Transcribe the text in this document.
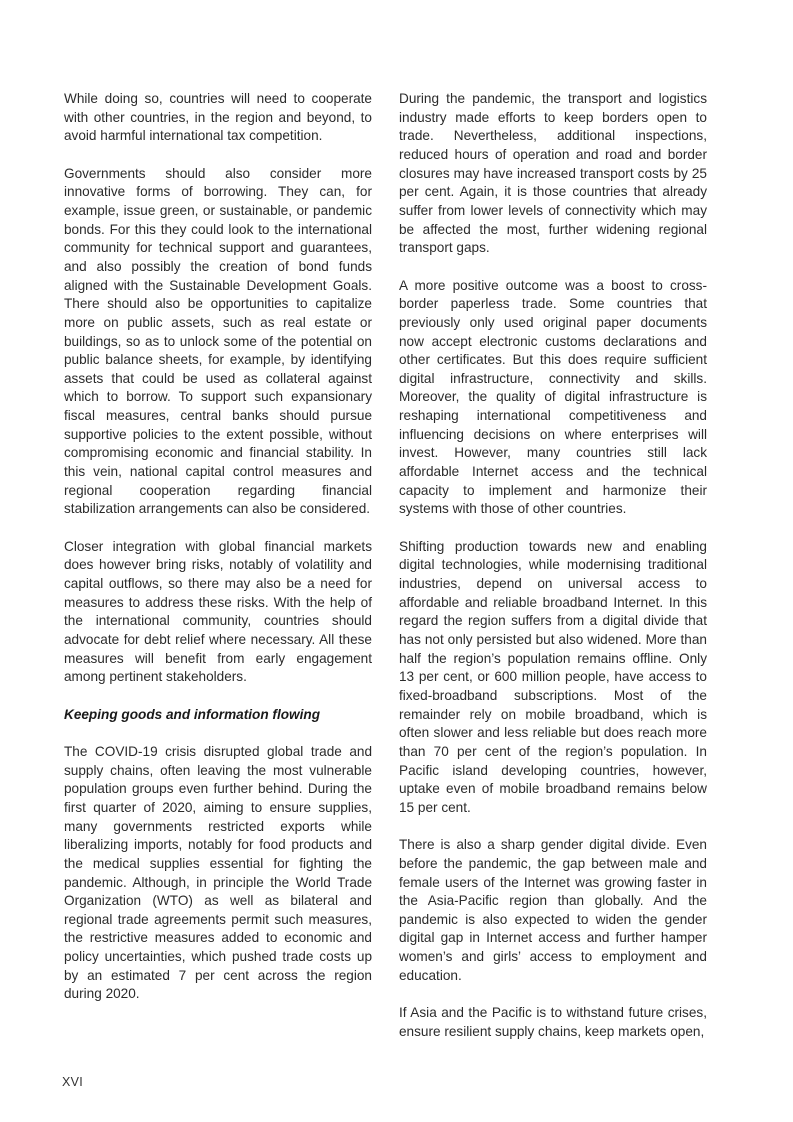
While doing so, countries will need to cooperate with other countries, in the region and beyond, to avoid harmful international tax competition.

Governments should also consider more innovative forms of borrowing. They can, for example, issue green, or sustainable, or pandemic bonds. For this they could look to the international community for technical support and guarantees, and also possibly the creation of bond funds aligned with the Sustainable Development Goals. There should also be opportunities to capitalize more on public assets, such as real estate or buildings, so as to unlock some of the potential on public balance sheets, for example, by identifying assets that could be used as collateral against which to borrow. To support such expansionary fiscal measures, central banks should pursue supportive policies to the extent possible, without compromising economic and financial stability. In this vein, national capital control measures and regional cooperation regarding financial stabilization arrangements can also be considered.

Closer integration with global financial markets does however bring risks, notably of volatility and capital outflows, so there may also be a need for measures to address these risks. With the help of the international community, countries should advocate for debt relief where necessary. All these measures will benefit from early engagement among pertinent stakeholders.

Keeping goods and information flowing

The COVID-19 crisis disrupted global trade and supply chains, often leaving the most vulnerable population groups even further behind. During the first quarter of 2020, aiming to ensure supplies, many governments restricted exports while liberalizing imports, notably for food products and the medical supplies essential for fighting the pandemic. Although, in principle the World Trade Organization (WTO) as well as bilateral and regional trade agreements permit such measures, the restrictive measures added to economic and policy uncertainties, which pushed trade costs up by an estimated 7 per cent across the region during 2020.

During the pandemic, the transport and logistics industry made efforts to keep borders open to trade. Nevertheless, additional inspections, reduced hours of operation and road and border closures may have increased transport costs by 25 per cent. Again, it is those countries that already suffer from lower levels of connectivity which may be affected the most, further widening regional transport gaps.

A more positive outcome was a boost to cross-border paperless trade. Some countries that previously only used original paper documents now accept electronic customs declarations and other certificates. But this does require sufficient digital infrastructure, connectivity and skills. Moreover, the quality of digital infrastructure is reshaping international competitiveness and influencing decisions on where enterprises will invest. However, many countries still lack affordable Internet access and the technical capacity to implement and harmonize their systems with those of other countries.

Shifting production towards new and enabling digital technologies, while modernising traditional industries, depend on universal access to affordable and reliable broadband Internet. In this regard the region suffers from a digital divide that has not only persisted but also widened. More than half the region’s population remains offline. Only 13 per cent, or 600 million people, have access to fixed-broadband subscriptions. Most of the remainder rely on mobile broadband, which is often slower and less reliable but does reach more than 70 per cent of the region’s population. In Pacific island developing countries, however, uptake even of mobile broadband remains below 15 per cent.

There is also a sharp gender digital divide. Even before the pandemic, the gap between male and female users of the Internet was growing faster in the Asia-Pacific region than globally. And the pandemic is also expected to widen the gender digital gap in Internet access and further hamper women’s and girls’ access to employment and education.

If Asia and the Pacific is to withstand future crises, ensure resilient supply chains, keep markets open,

XVI
